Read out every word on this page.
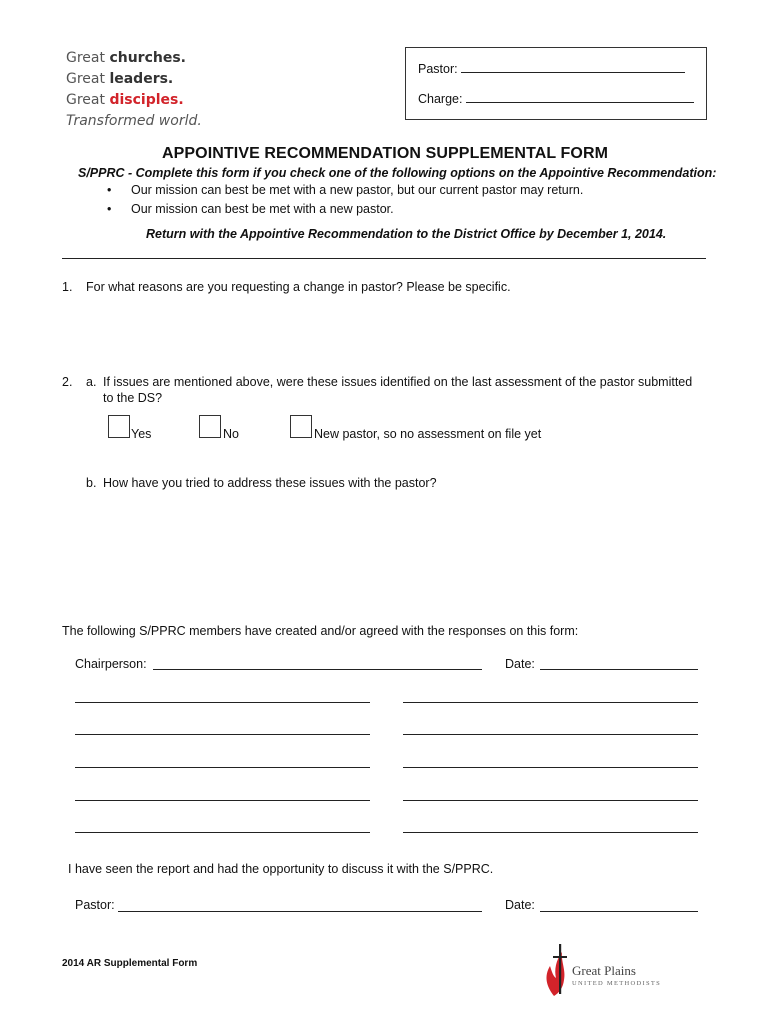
Great churches.
Great leaders.
Great disciples.
Transformed world.
Pastor:
Charge:
APPOINTIVE RECOMMENDATION SUPPLEMENTAL FORM
S/PPRC - Complete this form if you check one of the following options on the Appointive Recommendation:
• Our mission can best be met with a new pastor, but our current pastor may return.
• Our mission can best be met with a new pastor.
Return with the Appointive Recommendation to the District Office by December 1, 2014.
1. For what reasons are you requesting a change in pastor? Please be specific.
2. a. If issues are mentioned above, were these issues identified on the last assessment of the pastor submitted
to the DS?
Yes	No	New pastor, so no assessment on file yet
b. How have you tried to address these issues with the pastor?
The following S/PPRC members have created and/or agreed with the responses on this form:
Chairperson:	Date:
I have seen the report and had the opportunity to discuss it with the S/PPRC.
Pastor:	Date:
2014 AR Supplemental Form	Great Plains
UNITED METHODISTS
